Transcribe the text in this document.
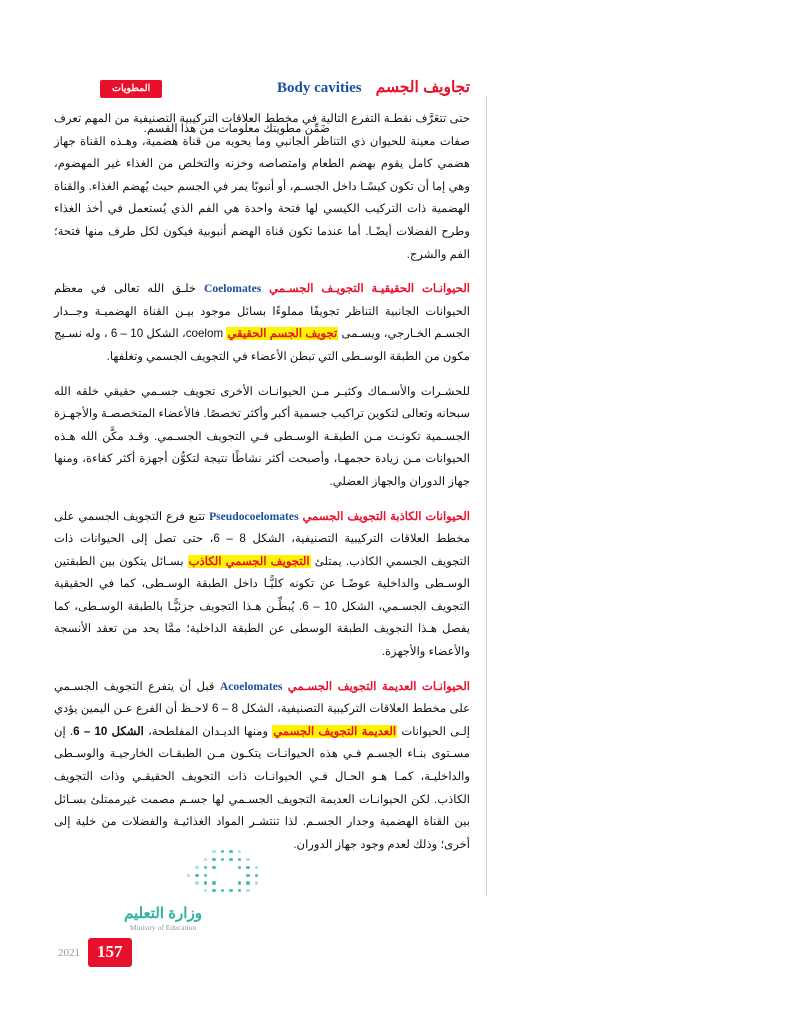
تجاويف الجسم
Body cavities
المطويات
ضَمِّن مطويتك معلومات من هذا القسم.

حتى تتعَرَّف نقطـة التفرع التالية في مخطط العلاقات التركيبية التصنيفية من المهم تعرف صفات معينة للحيوان ذي التناظر الجانبي وما يحويه من قناة هضمية، وهـذه القناة جهاز هضمي كامل يقوم بهضم الطعام وامتصاصه وخزنه والتخلص من الغذاء غير المهضوم، وهي إما أن تكون كيسًـا داخل الجسـم، أو أنبوبًا يمر في الجسم حيث يُهضم الغذاء. والقناة الهضمية ذات التركيب الكيسي لها فتحة واحدة هي الفم الذي يُستعمل في أخذ الغذاء وطرح الفضلات أيضًـا. أما عندما تكون قناة الهضم أنبوبية فيكون لكل طرف منها فتحة؛ الفم والشرج.

الحيوانـات الحقيقيـة التجويـف الجسـمي Coelomates خلـق الله تعالى في معظم الحيوانات الجانبية التناظر تجويفًا مملوءًا بسائل موجود بيـن القناة الهضميـة وجــدار الجسـم الخـارجي، ويسـمى تجويف الجسم الحقيقي coelom، الشكل 10 – 6 ، وله نسـيج مكون من الطبقة الوسـطى التي تبطن الأعضاء في التجويف الجسمي وتغلفها.

للحشـرات والأسـماك وكثيـر مـن الحيوانـات الأخرى تجويف جسـمي حقيقي خلقه الله سبحانه وتعالى لتكوين تراكيب جسمية أكبر وأكثر تخصصًا. فالأعضاء المتخصصـة والأجهـزة الجسـمية تكونـت مـن الطبقـة الوسـطى فـي التجويف الجسـمي. وقـد مكَّن الله هـذه الحيوانات مـن زيادة حجمهـا، وأصبحت أكثر نشاطًا نتيجة لتكوُّن أجهزة أكثر كفاءة، ومنها جهاز الدوران والجهاز العضلي.

الحيوانات الكاذبة التجويف الجسمي Pseudocoelomates تتبع فرع التجويف الجسمي على مخطط العلاقات التركيبية التصنيفية، الشكل 8 – 6، حتى تصل إلى الحيوانات ذات التجويف الجسمي الكاذب. يمتلئ التجويف الجسمي الكاذب بسـائل يتكون بين الطبقتين الوسـطى والداخلية عوضًـا عن تكونه كليًّـا داخل الطبقة الوسـطى، كما في الحقيقية التجويف الجسـمي، الشكل 10 – 6. يُبطِّـن هـذا التجويف جزئيًّـا بالطبقة الوسـطى، كما يفصل هـذا التجويف الطبقة الوسطى عن الطبقة الداخلية؛ ممَّا يحد من تعقد الأنسجة والأعضاء والأجهزة.

الحيوانـات العديمة التجويف الجسـمي Acoelomates قبل أن يتفرع التجويف الجسـمي على مخطط العلاقات التركيبية التصنيفية، الشكل 8 – 6 لاحـظ أن الفرع عـن اليمين يؤدي إلـى الحيوانات العديمة التجويف الجسمي ومنها الديـدان المفلطحة، الشكل 10 – 6. إن مسـتوى بنـاء الجسـم فـي هذه الحيوانـات يتكـون مـن الطبقـات الخارجيـة والوسـطى والداخليـة، كمـا هـو الحـال فـي الحيوانـات ذات التجويف الحقيقـي وذات التجويف الكاذب. لكن الحيوانـات العديمة التجويف الجسـمي لها جسـم مصمت غيرممتلئ بسـائل بين القناة الهضمية وجدار الجسـم. لذا تنتشـر المواد الغذائيـة والفضلات من خلية إلى أخرى؛ وذلك لعدم وجود جهاز الدوران.

وزارة التعليم
Ministry of Education
2021	157
